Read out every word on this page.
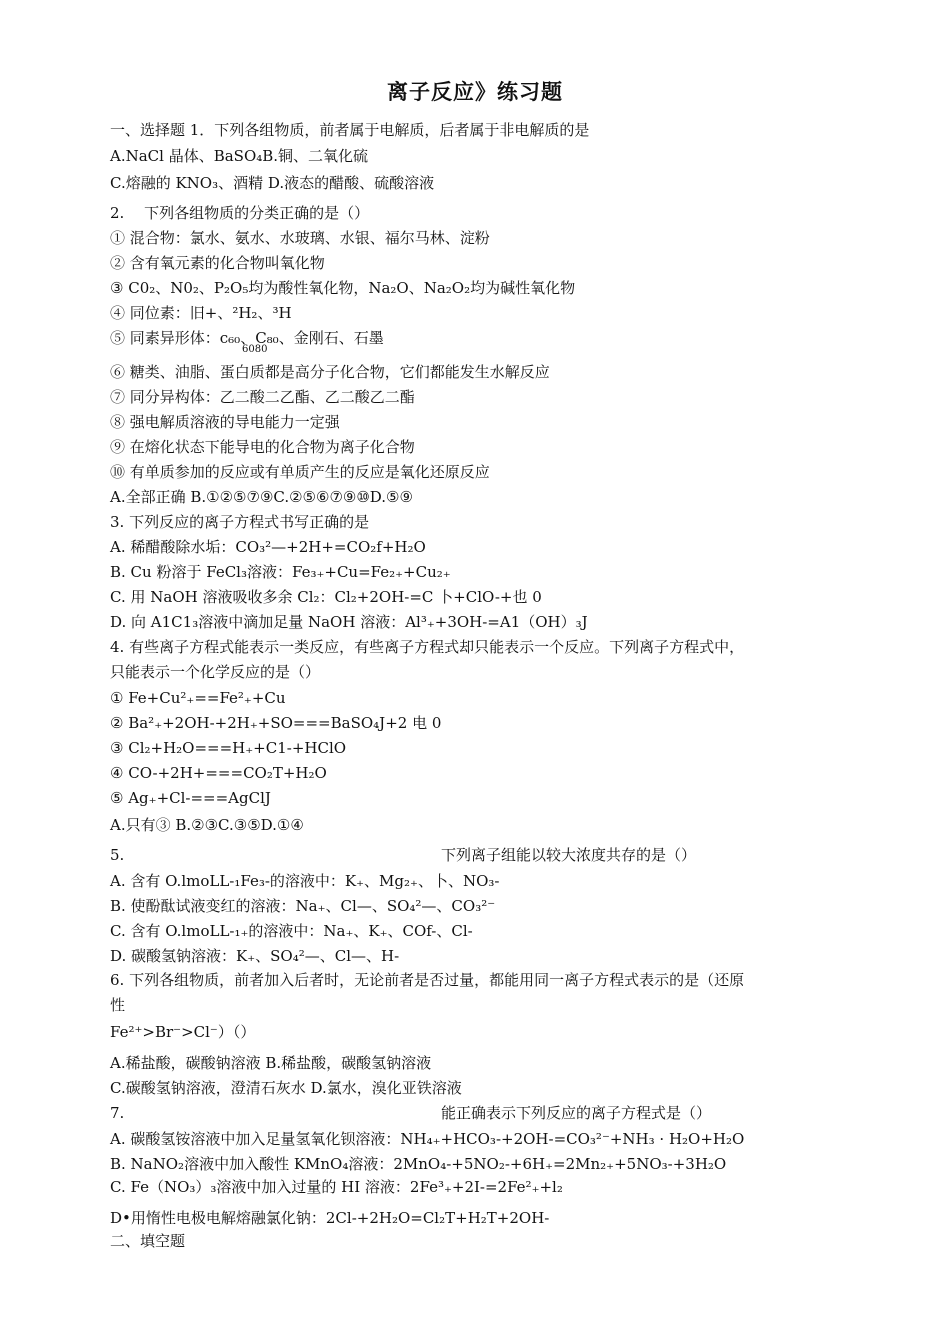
离子反应》练习题
一、选择题 1．下列各组物质，前者属于电解质，后者属于非电解质的是
A.NaCl 晶体、BaSO₄B.铜、二氧化硫
C.熔融的 KNO₃、酒精 D.液态的醋酸、硫酸溶液
2.　 下列各组物质的分类正确的是（）
① 混合物：氯水、氨水、水玻璃、水银、福尔马林、淀粉
② 含有氧元素的化合物叫氧化物
③ C0₂、N0₂、P₂O₅均为酸性氧化物，Na₂O、Na₂O₂均为碱性氧化物
④ 同位素：旧+、²H₂、³H
⑤ 同素异形体：c₆₀、C₈₀、金刚石、石墨
6080
⑥ 糖类、油脂、蛋白质都是高分子化合物，它们都能发生水解反应
⑦ 同分异构体：乙二酸二乙酯、乙二酸乙二酯
⑧ 强电解质溶液的导电能力一定强
⑨ 在熔化状态下能导电的化合物为离子化合物
⑩ 有单质参加的反应或有单质产生的反应是氧化还原反应
A.全部正确 B.①②⑤⑦⑨C.②⑤⑥⑦⑨⑩D.⑤⑨
3. 下列反应的离子方程式书写正确的是
A. 稀醋酸除水垢：CO₃²—+2H+=CO₂f+H₂O
B. Cu 粉溶于 FeCl₃溶液：Fe₃₊+Cu=Fe₂₊+Cu₂₊
C. 用 NaOH 溶液吸收多余 Cl₂：Cl₂+2OH-=C 卜+ClO-+也 0
D. 向 A1C1₃溶液中滴加足量 NaOH 溶液：Al³₊+3OH-=A1（OH）₃J
4. 有些离子方程式能表示一类反应，有些离子方程式却只能表示一个反应。下列离子方程式中，
只能表示一个化学反应的是（）
① Fe+Cu²₊==Fe²₊+Cu
② Ba²₊+2OH-+2H₊+SO===BaSO₄J+2 电 0
③ Cl₂+H₂O===H₊+C1-+HClO
④ CO-+2H+===CO₂T+H₂O
⑤ Ag₊+Cl-===AgClJ
A.只有③ B.②③C.③⑤D.①④
5.	下列离子组能以较大浓度共存的是（）
A. 含有 O.lmoLL-₁Fe₃-的溶液中：K₊、Mg₂₊、卜、NO₃-
B. 使酚酞试液变红的溶液：Na₊、Cl—、SO₄²—、CO₃²⁻
C. 含有 O.lmoLL-₁₊的溶液中：Na₊、K₊、COf-、Cl-
D. 碳酸氢钠溶液：K₊、SO₄²—、Cl—、H-
6. 下列各组物质，前者加入后者时，无论前者是否过量，都能用同一离子方程式表示的是（还原
性
Fe²⁺>Br⁻>Cl⁻）（）
A.稀盐酸，碳酸钠溶液 B.稀盐酸，碳酸氢钠溶液
C.碳酸氢钠溶液，澄清石灰水 D.氯水，溴化亚铁溶液
7.	能正确表示下列反应的离子方程式是（）
A. 碳酸氢铵溶液中加入足量氢氧化钡溶液：NH₄₊+HCO₃-+2OH-=CO₃²⁻+NH₃ · H₂O+H₂O
B. NaNO₂溶液中加入酸性 KMnO₄溶液：2MnO₄-+5NO₂-+6H₊=2Mn₂₊+5NO₃-+3H₂O
C. Fe（NO₃）₃溶液中加入过量的 HI 溶液：2Fe³₊+2I-=2Fe²₊+l₂
D•用惰性电极电解熔融氯化钠：2Cl-+2H₂O=Cl₂T+H₂T+2OH-
二、填空题
